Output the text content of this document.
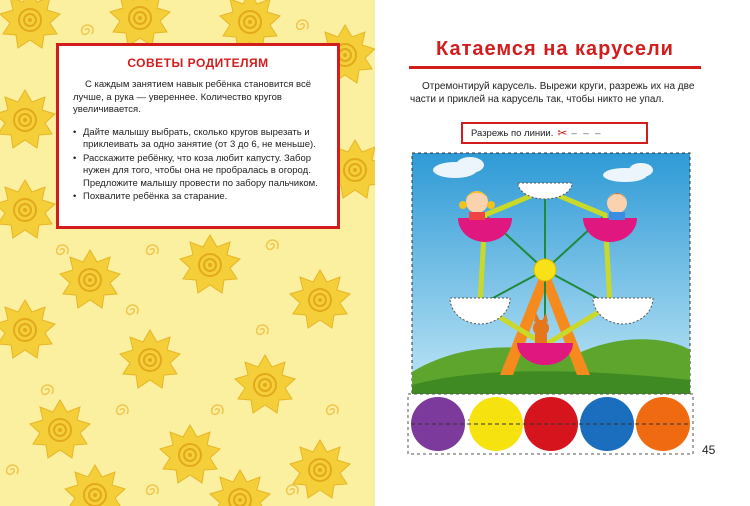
СОВЕТЫ РОДИТЕЛЯМ

С каждым занятием навык ребёнка становится всё лучше, а рука — увереннее. Количество кругов увеличивается.

• Дайте малышу выбрать, сколько кругов вырезать и приклеивать за одно занятие (от 3 до 6, не меньше).
• Расскажите ребёнку, что коза любит капусту. Забор нужен для того, чтобы она не пробралась в огород. Предложите малышу провести по забору пальчиком.
• Похвалите ребёнка за старание.
Катаемся на карусели
Отремонтируй карусель. Вырежи круги, разрежь их на две части и приклей на карусель так, чтобы никто не упал.
Разрежь по линии. ✂ – – –
45
